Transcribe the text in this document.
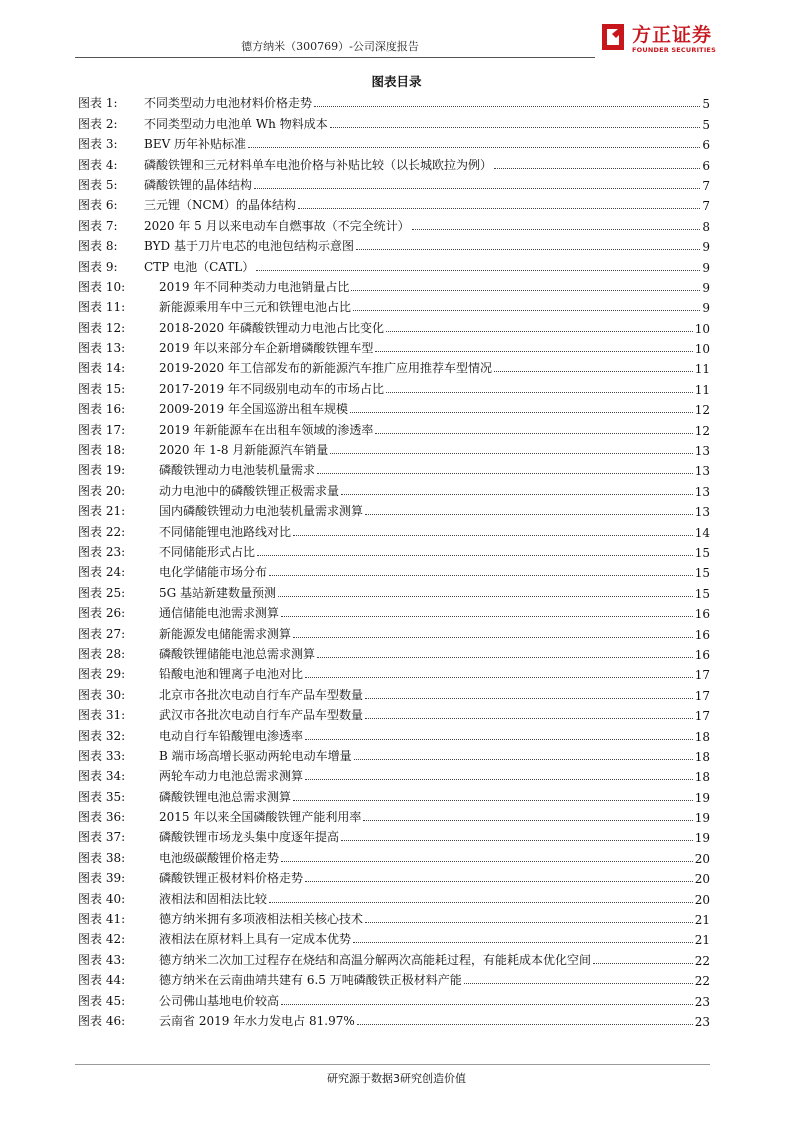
德方纳米（300769）-公司深度报告
方正证券
FOUNDER SECURITIES
图表目录
图表 1:	不同类型动力电池材料价格走势	5
图表 2:	不同类型动力电池单 Wh 物料成本	5
图表 3:	BEV 历年补贴标准	6
图表 4:	磷酸铁锂和三元材料单车电池价格与补贴比较（以长城欧拉为例）	6
图表 5:	磷酸铁锂的晶体结构	7
图表 6:	三元锂（NCM）的晶体结构	7
图表 7:	2020 年 5 月以来电动车自燃事故（不完全统计）	8
图表 8:	BYD 基于刀片电芯的电池包结构示意图	9
图表 9:	CTP 电池（CATL）	9
图表 10:	2019 年不同种类动力电池销量占比	9
图表 11:	新能源乘用车中三元和铁锂电池占比	9
图表 12:	2018-2020 年磷酸铁锂动力电池占比变化	10
图表 13:	2019 年以来部分车企新增磷酸铁锂车型	10
图表 14:	2019-2020 年工信部发布的新能源汽车推广应用推荐车型情况	11
图表 15:	2017-2019 年不同级别电动车的市场占比	11
图表 16:	2009-2019 年全国巡游出租车规模	12
图表 17:	2019 年新能源车在出租车领域的渗透率	12
图表 18:	2020 年 1-8 月新能源汽车销量	13
图表 19:	磷酸铁锂动力电池装机量需求	13
图表 20:	动力电池中的磷酸铁锂正极需求量	13
图表 21:	国内磷酸铁锂动力电池装机量需求测算	13
图表 22:	不同储能锂电池路线对比	14
图表 23:	不同储能形式占比	15
图表 24:	电化学储能市场分布	15
图表 25:	5G 基站新建数量预测	15
图表 26:	通信储能电池需求测算	16
图表 27:	新能源发电储能需求测算	16
图表 28:	磷酸铁锂储能电池总需求测算	16
图表 29:	铅酸电池和锂离子电池对比	17
图表 30:	北京市各批次电动自行车产品车型数量	17
图表 31:	武汉市各批次电动自行车产品车型数量	17
图表 32:	电动自行车铅酸锂电渗透率	18
图表 33:	B 端市场高增长驱动两轮电动车增量	18
图表 34:	两轮车动力电池总需求测算	18
图表 35:	磷酸铁锂电池总需求测算	19
图表 36:	2015 年以来全国磷酸铁锂产能利用率	19
图表 37:	磷酸铁锂市场龙头集中度逐年提高	19
图表 38:	电池级碳酸锂价格走势	20
图表 39:	磷酸铁锂正极材料价格走势	20
图表 40:	液相法和固相法比较	20
图表 41:	德方纳米拥有多项液相法相关核心技术	21
图表 42:	液相法在原材料上具有一定成本优势	21
图表 43:	德方纳米二次加工过程存在烧结和高温分解两次高能耗过程，有能耗成本优化空间	22
图表 44:	德方纳米在云南曲靖共建有 6.5 万吨磷酸铁正极材料产能	22
图表 45:	公司佛山基地电价较高	23
图表 46:	云南省 2019 年水力发电占 81.97%	23
研究源于数据3研究创造价值
